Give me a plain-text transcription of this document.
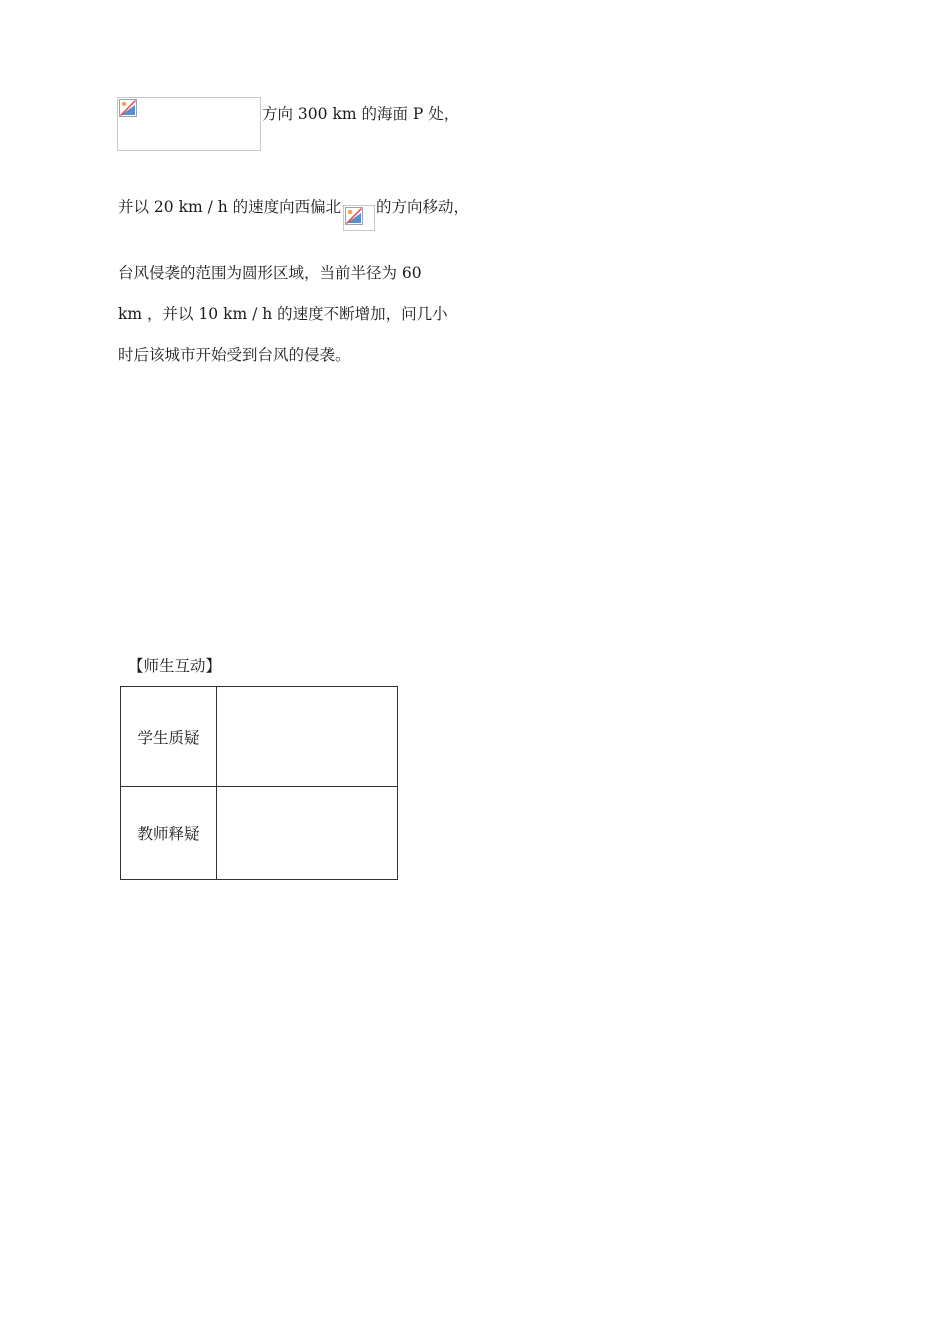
方向 300 km 的海面 P 处，
并以 20 km / h 的速度向西偏北 的方向移动，
台风侵袭的范围为圆形区域，当前半径为 60
km ，并以 10 km / h 的速度不断增加，问几小
时后该城市开始受到台风的侵袭。
【师生互动】
学生质疑	
教师释疑	
